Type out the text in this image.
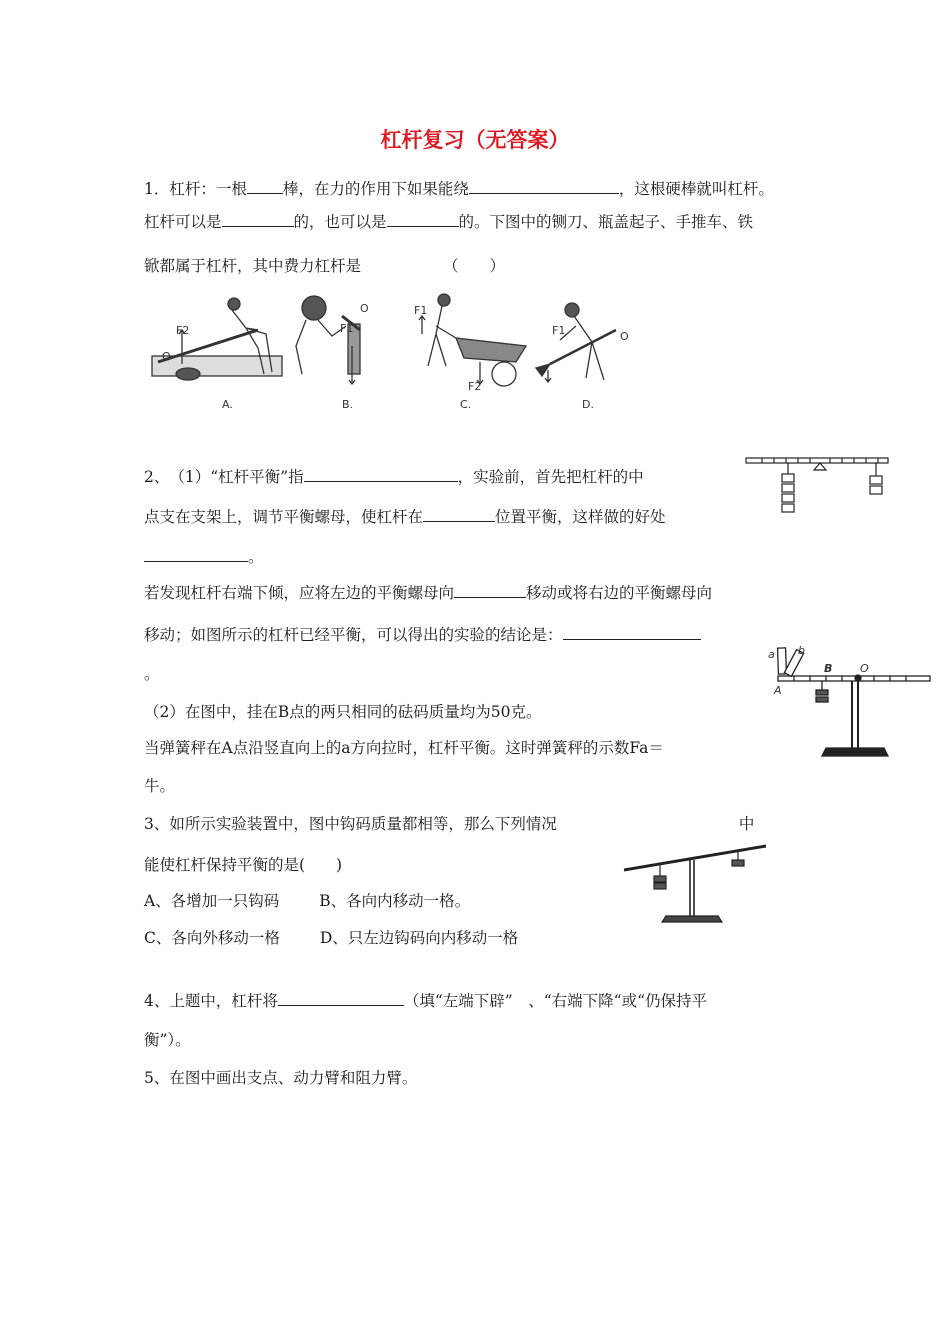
杠杆复习（无答案）
1．杠杆：一根 棒，在力的作用下如果能绕	，这根硬棒就叫杠杆。
杠杆可以是	的，也可以是	的。下图中的铡刀、瓶盖起子、手推车、铁
锨都属于杠杆，其中费力杠杆是	（　　）
F2
O
A.
O
F1
B.
F1
F2
C.
F1	O
D.
2、　（1）“杠杆平衡”指	，实验前，首先把杠杆的中
点支在支架上，调节平衡螺母，使杠杆在	位置平衡，这样做的好处
。
若发现杠杆右端下倾，应将左边的平衡螺母向	移动或将右边的平衡螺母向
移动；如图所示的杠杆已经平衡，可以得出的实验的结论是：
。
（2）在图中，挂在B点的两只相同的砝码质量均为50克。
当弹簧秤在A点沿竖直向上的a方向拉时，杠杆平衡。这时弹簧秤的示数Fa＝
牛。
a b
B	O
A
3、如所示实验装置中，图中钩码质量都相等，那么下列情况	中
能使杠杆保持平衡的是(　　)
A、各增加一只钩码	B、各向内移动一格。
C、各向外移动一格	D、只左边钩码向内移动一格
4、上题中，杠杆将	（填“左端下辟”　、“右端下降“或“仍保持平
衡”）。
5、在图中画出支点、动力臂和阻力臂。
